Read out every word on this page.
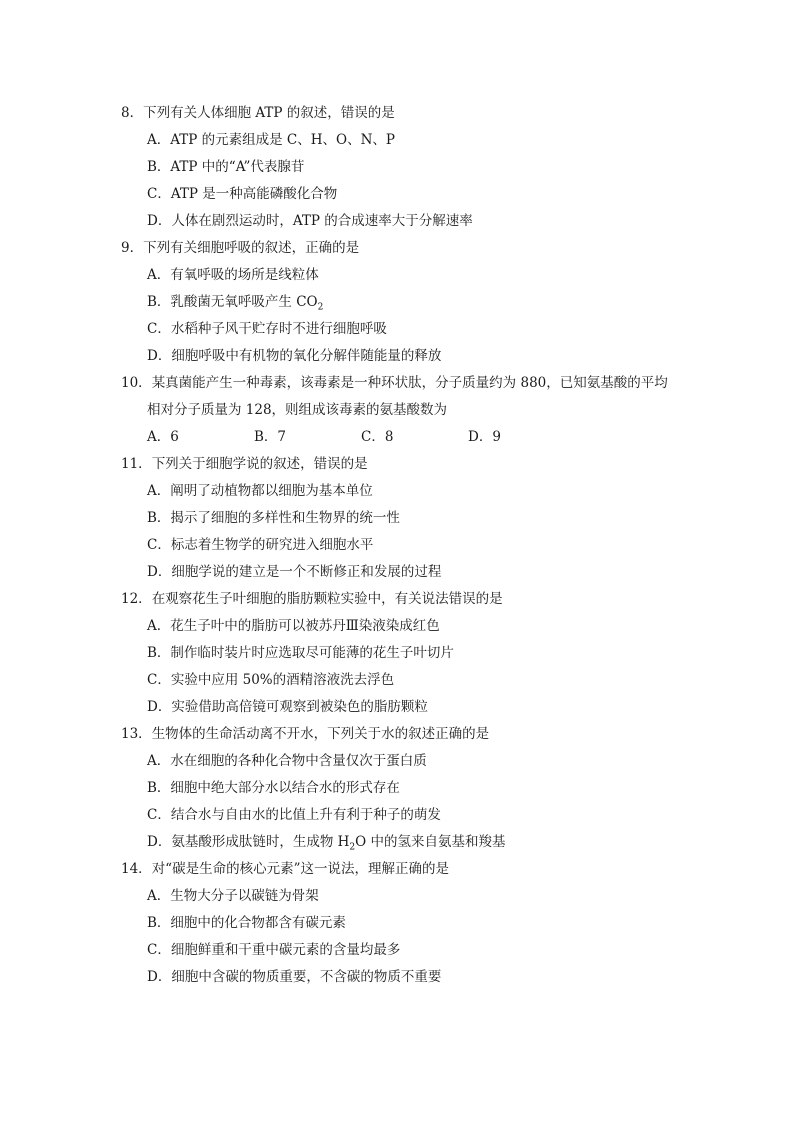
8．下列有关人体细胞 ATP 的叙述，错误的是
A．ATP 的元素组成是 C、H、O、N、P
B．ATP 中的“A”代表腺苷
C．ATP 是一种高能磷酸化合物
D．人体在剧烈运动时，ATP 的合成速率大于分解速率
9．下列有关细胞呼吸的叙述，正确的是
A．有氧呼吸的场所是线粒体
B．乳酸菌无氧呼吸产生 $CO_2$
C．水稻种子风干贮存时不进行细胞呼吸
D．细胞呼吸中有机物的氧化分解伴随能量的释放
10．某真菌能产生一种毒素，该毒素是一种环状肽，分子质量约为 880，已知氨基酸的平均
相对分子质量为 128，则组成该毒素的氨基酸数为
A．6	B．7	C．8	D．9
11．下列关于细胞学说的叙述，错误的是
A．阐明了动植物都以细胞为基本单位
B．揭示了细胞的多样性和生物界的统一性
C．标志着生物学的研究进入细胞水平
D．细胞学说的建立是一个不断修正和发展的过程
12．在观察花生子叶细胞的脂肪颗粒实验中，有关说法错误的是
A．花生子叶中的脂肪可以被苏丹Ⅲ染液染成红色
B．制作临时装片时应选取尽可能薄的花生子叶切片
C．实验中应用 50%的酒精溶液洗去浮色
D．实验借助高倍镜可观察到被染色的脂肪颗粒
13．生物体的生命活动离不开水，下列关于水的叙述正确的是
A．水在细胞的各种化合物中含量仅次于蛋白质
B．细胞中绝大部分水以结合水的形式存在
C．结合水与自由水的比值上升有利于种子的萌发
D．氨基酸形成肽链时，生成物 $H_2O$ 中的氢来自氨基和羧基
14．对“碳是生命的核心元素”这一说法，理解正确的是
A．生物大分子以碳链为骨架
B．细胞中的化合物都含有碳元素
C．细胞鲜重和干重中碳元素的含量均最多
D．细胞中含碳的物质重要，不含碳的物质不重要
